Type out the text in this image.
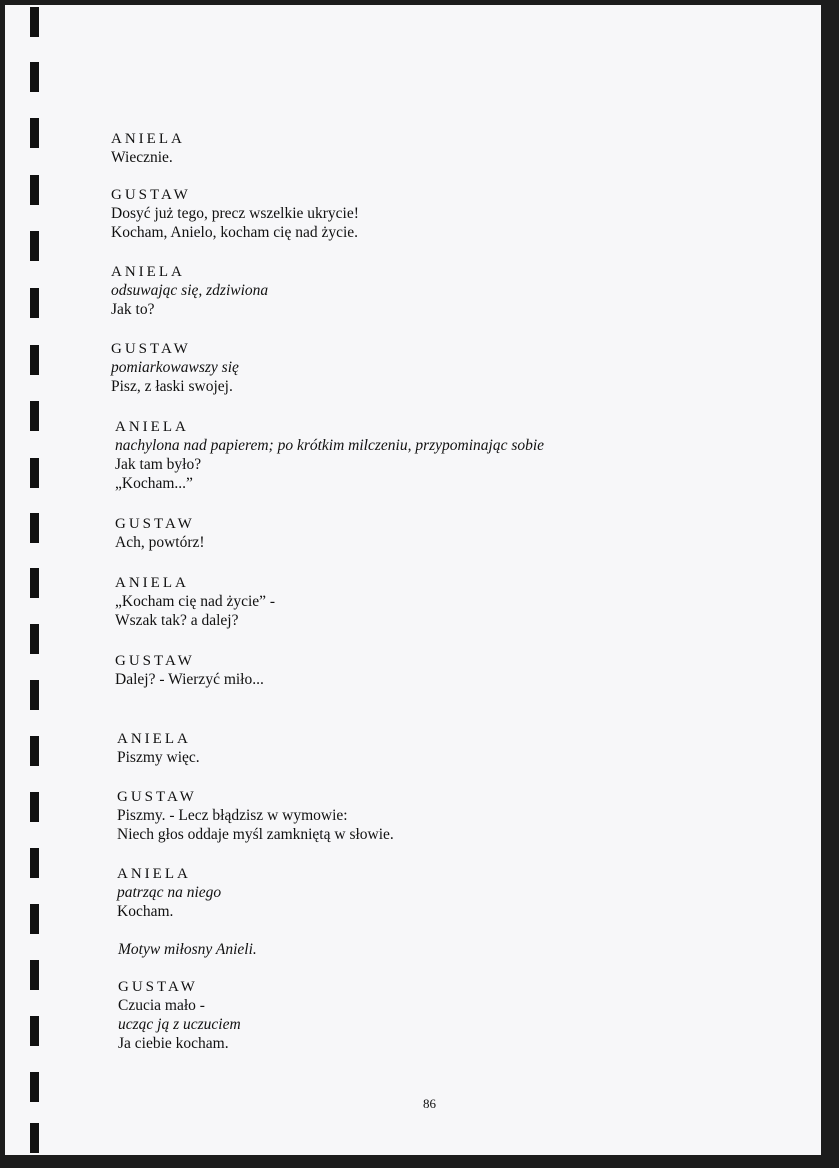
ANIELA
Wiecznie.
GUSTAW
Dosyć już tego, precz wszelkie ukrycie!
Kocham, Anielo, kocham cię nad życie.
ANIELA
odsuwając się, zdziwiona
Jak to?
GUSTAW
pomiarkowawszy się
Pisz, z łaski swojej.
ANIELA
nachylona nad papierem; po krótkim milczeniu, przypominając sobie
Jak tam było?
„Kocham...”
GUSTAW
Ach, powtórz!
ANIELA
„Kocham cię nad życie” -
Wszak tak? a dalej?
GUSTAW
Dalej? - Wierzyć miło...
ANIELA
Piszmy więc.
GUSTAW
Piszmy. - Lecz błądzisz w wymowie:
Niech głos oddaje myśl zamkniętą w słowie.
ANIELA
patrząc na niego
Kocham.
Motyw miłosny Anieli.
GUSTAW
Czucia mało -
ucząc ją z uczuciem
Ja ciebie kocham.
86
